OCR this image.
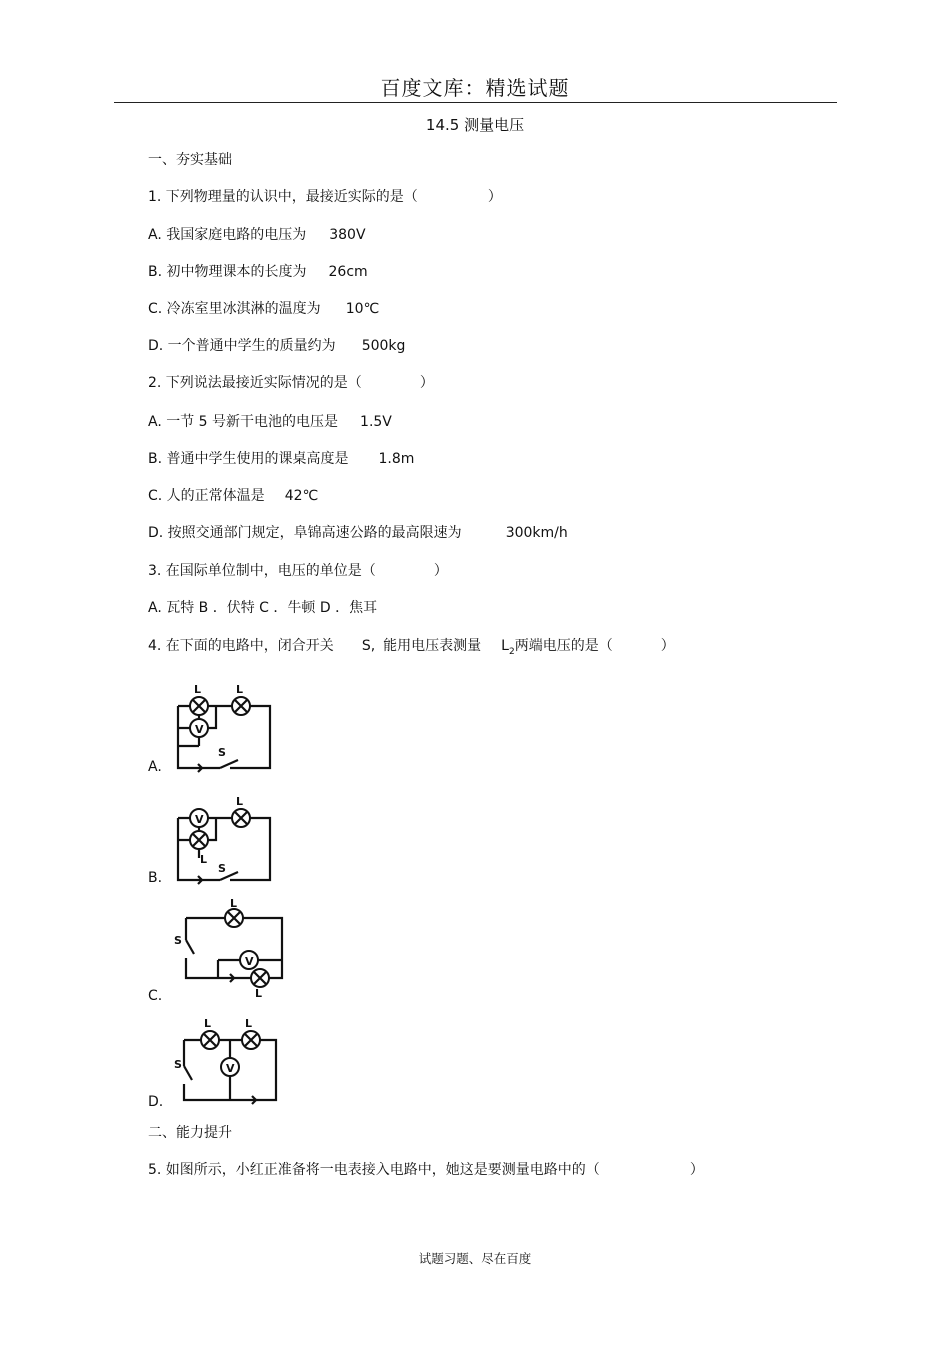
百度文库：精选试题
14.5 测量电压
一、夯实基础
1. 下列物理量的认识中，最接近实际的是（	）
A. 我国家庭电路的电压为 380V
B. 初中物理课本的长度为 26cm
C. 冷冻室里冰淇淋的温度为 10℃
D. 一个普通中学生的质量约为 500kg
2. 下列说法最接近实际情况的是（	）
A. 一节 5 号新干电池的电压是 1.5V
B. 普通中学生使用的课桌高度是 1.8m
C. 人的正常体温是 42℃
D. 按照交通部门规定，阜锦高速公路的最高限速为	300km/h
3. 在国际单位制中，电压的单位是（	）
A. 瓦特 B ．伏特 C ．牛顿 D ．焦耳
4. 在下面的电路中，闭合开关 S, 能用电压表测量 $L_2$两端电压的是（	）
A.
B.
C.
D.
V
L	L
S
V
L
L
S
V
L
L
S
V
L	L
S
二、能力提升
5. 如图所示，小红正准备将一电表接入电路中，她这是要测量电路中的（	）
试题习题、尽在百度
